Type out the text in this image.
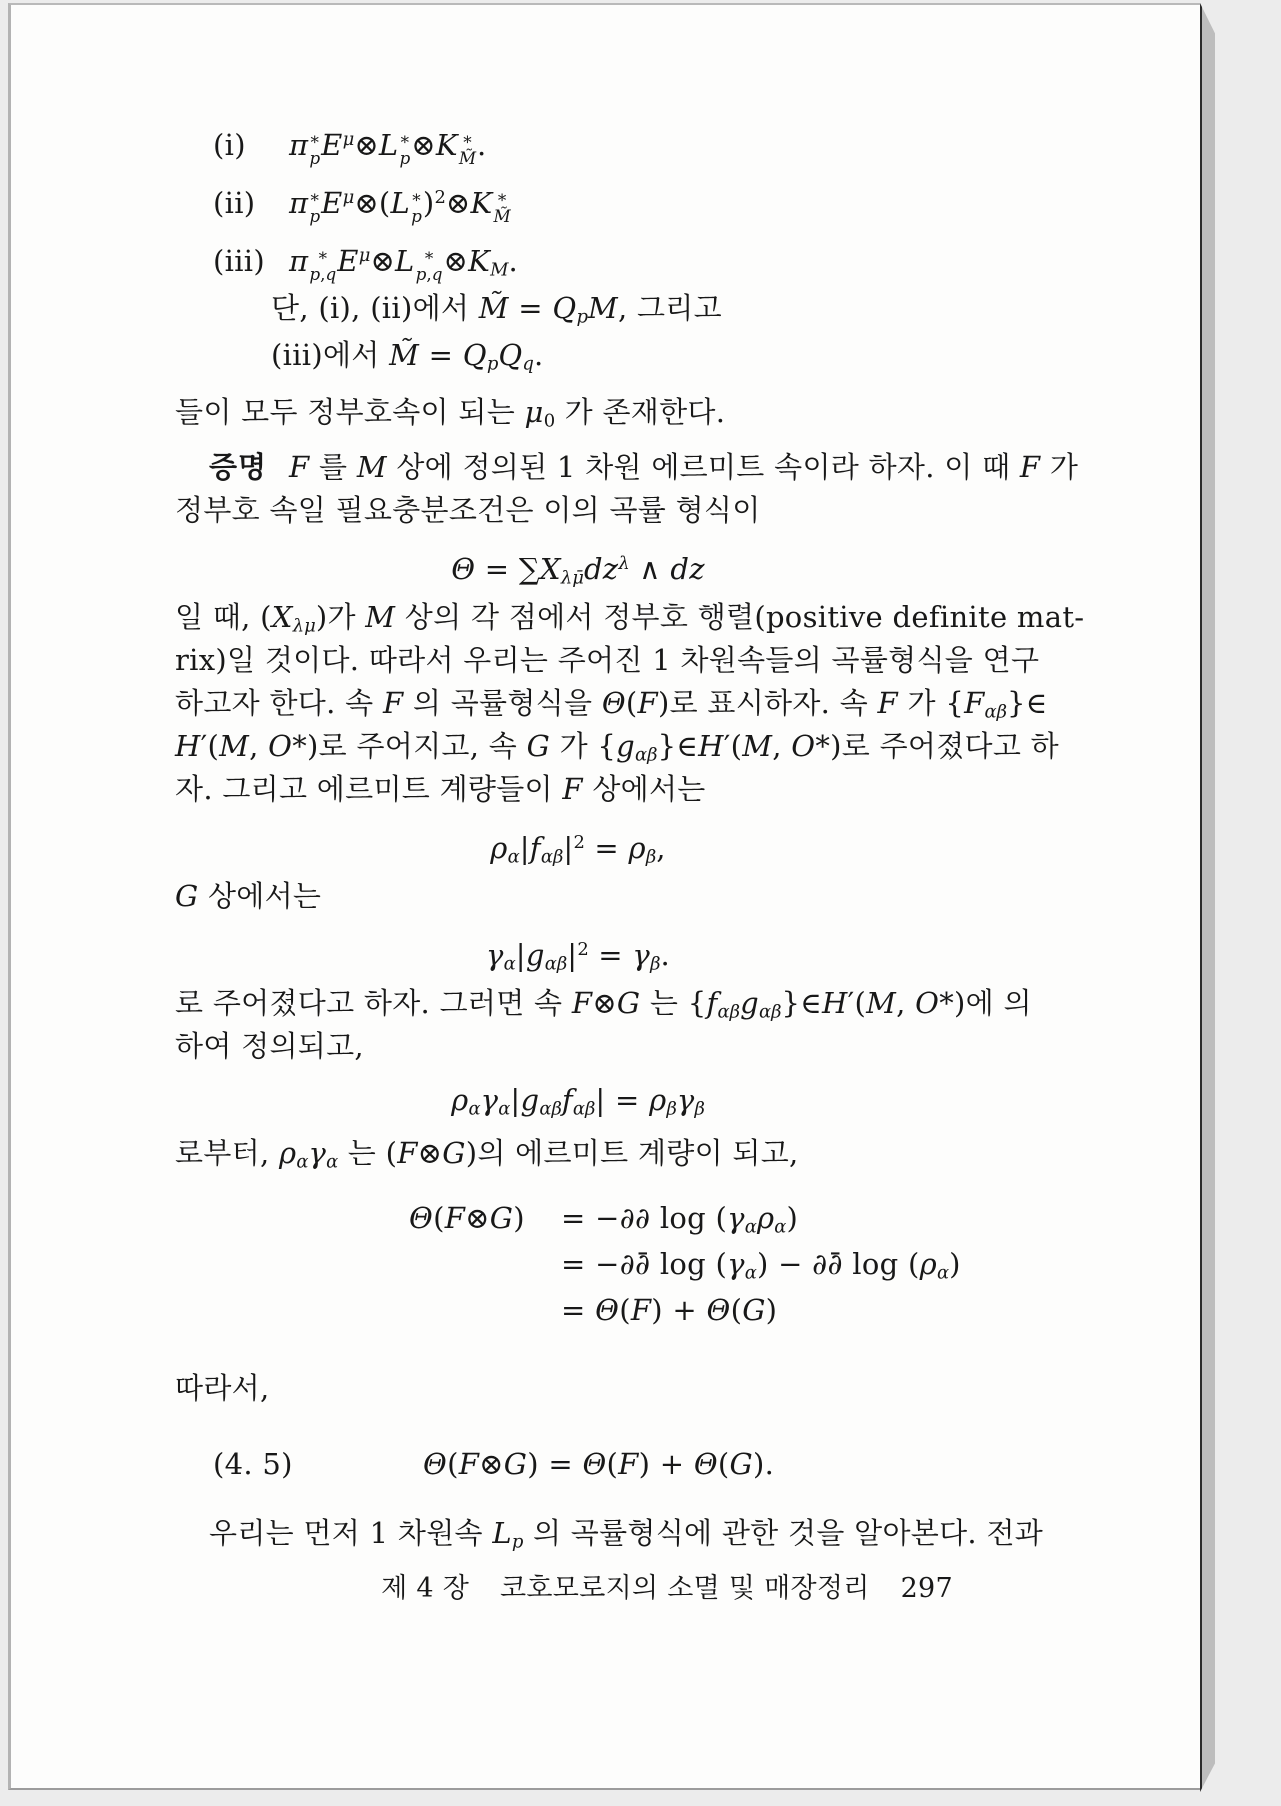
(i) π *
p $E^\mu\otimes L$ *
p ⊗K *
M̃ .
(ii) π *
p $E^\mu\otimes(L$ *
p )$^2$⊗K *
M̃
(iii) π *
p,q $E^\mu\otimes L$ *
p,q $\otimes K_M$.
단, (i), (ii)에서 M̃ = $Q_pM$, 그리고
(iii)에서 M̃ = $Q_pQ_q$.
들이 모두 정부호속이 되는 $\mu_0$ 가 존재한다.
증명 F 를 M 상에 정의된 1 차원 에르미트 속이라 하자. 이 때 F 가
정부호 속일 필요충분조건은 이의 곡률 형식이
$\Theta = \sum X_{\lambda\mū}dz^\lambda$ ∧ dz
일 때, $(X_{\lambda\mu})$가 M 상의 각 점에서 정부호 행렬(positive definite mat-
rix)일 것이다. 따라서 우리는 주어진 1 차원속들의 곡률형식을 연구
하고자 한다. 속 F 의 곡률형식을 Θ(F)로 표시하자. 속 F 가 $\{F_{\alpha\beta}\}\in$
H′(M, O*)로 주어지고, 속 G 가 $\{g_{\alpha\beta}\}\in H'(M$, O*)로 주어졌다고 하
자. 그리고 에르미트 계량들이 F 상에서는
$\rho_\alpha|f_{\alpha\beta}|^2 = \rho_\beta$,
G 상에서는
$\gamma_\alpha|g_{\alpha\beta}|^2 = \gamma_\beta$.
로 주어졌다고 하자. 그러면 속 F⊗G 는 $\{f_{\alpha\beta}g_{\alpha\beta}\}\in H'(M$, O*)에 의
하여 정의되고,
$\rho_\alpha\gamma_\alpha|g_{\alpha\beta}f_{\alpha\beta}| = \rho_\beta\gamma_\beta$
로부터, $\rho_\alpha\gamma_\alpha$ 는 (F⊗G)의 에르미트 계량이 되고,
Θ(F⊗G) = −∂∂ $\log (\gamma_\alpha\rho_\alpha)$
= −∂∂̄ $\log (\gamma_\alpha)$ − ∂∂̄ $\log (\rho_\alpha)$
= Θ(F) + Θ(G)
따라서,
(4. 5)	Θ(F⊗G) = Θ(F) + Θ(G).
우리는 먼저 1 차원속 $L_p$ 의 곡률형식에 관한 것을 알아본다. 전과
제 4 장 코호모로지의 소멸 및 매장정리 297
